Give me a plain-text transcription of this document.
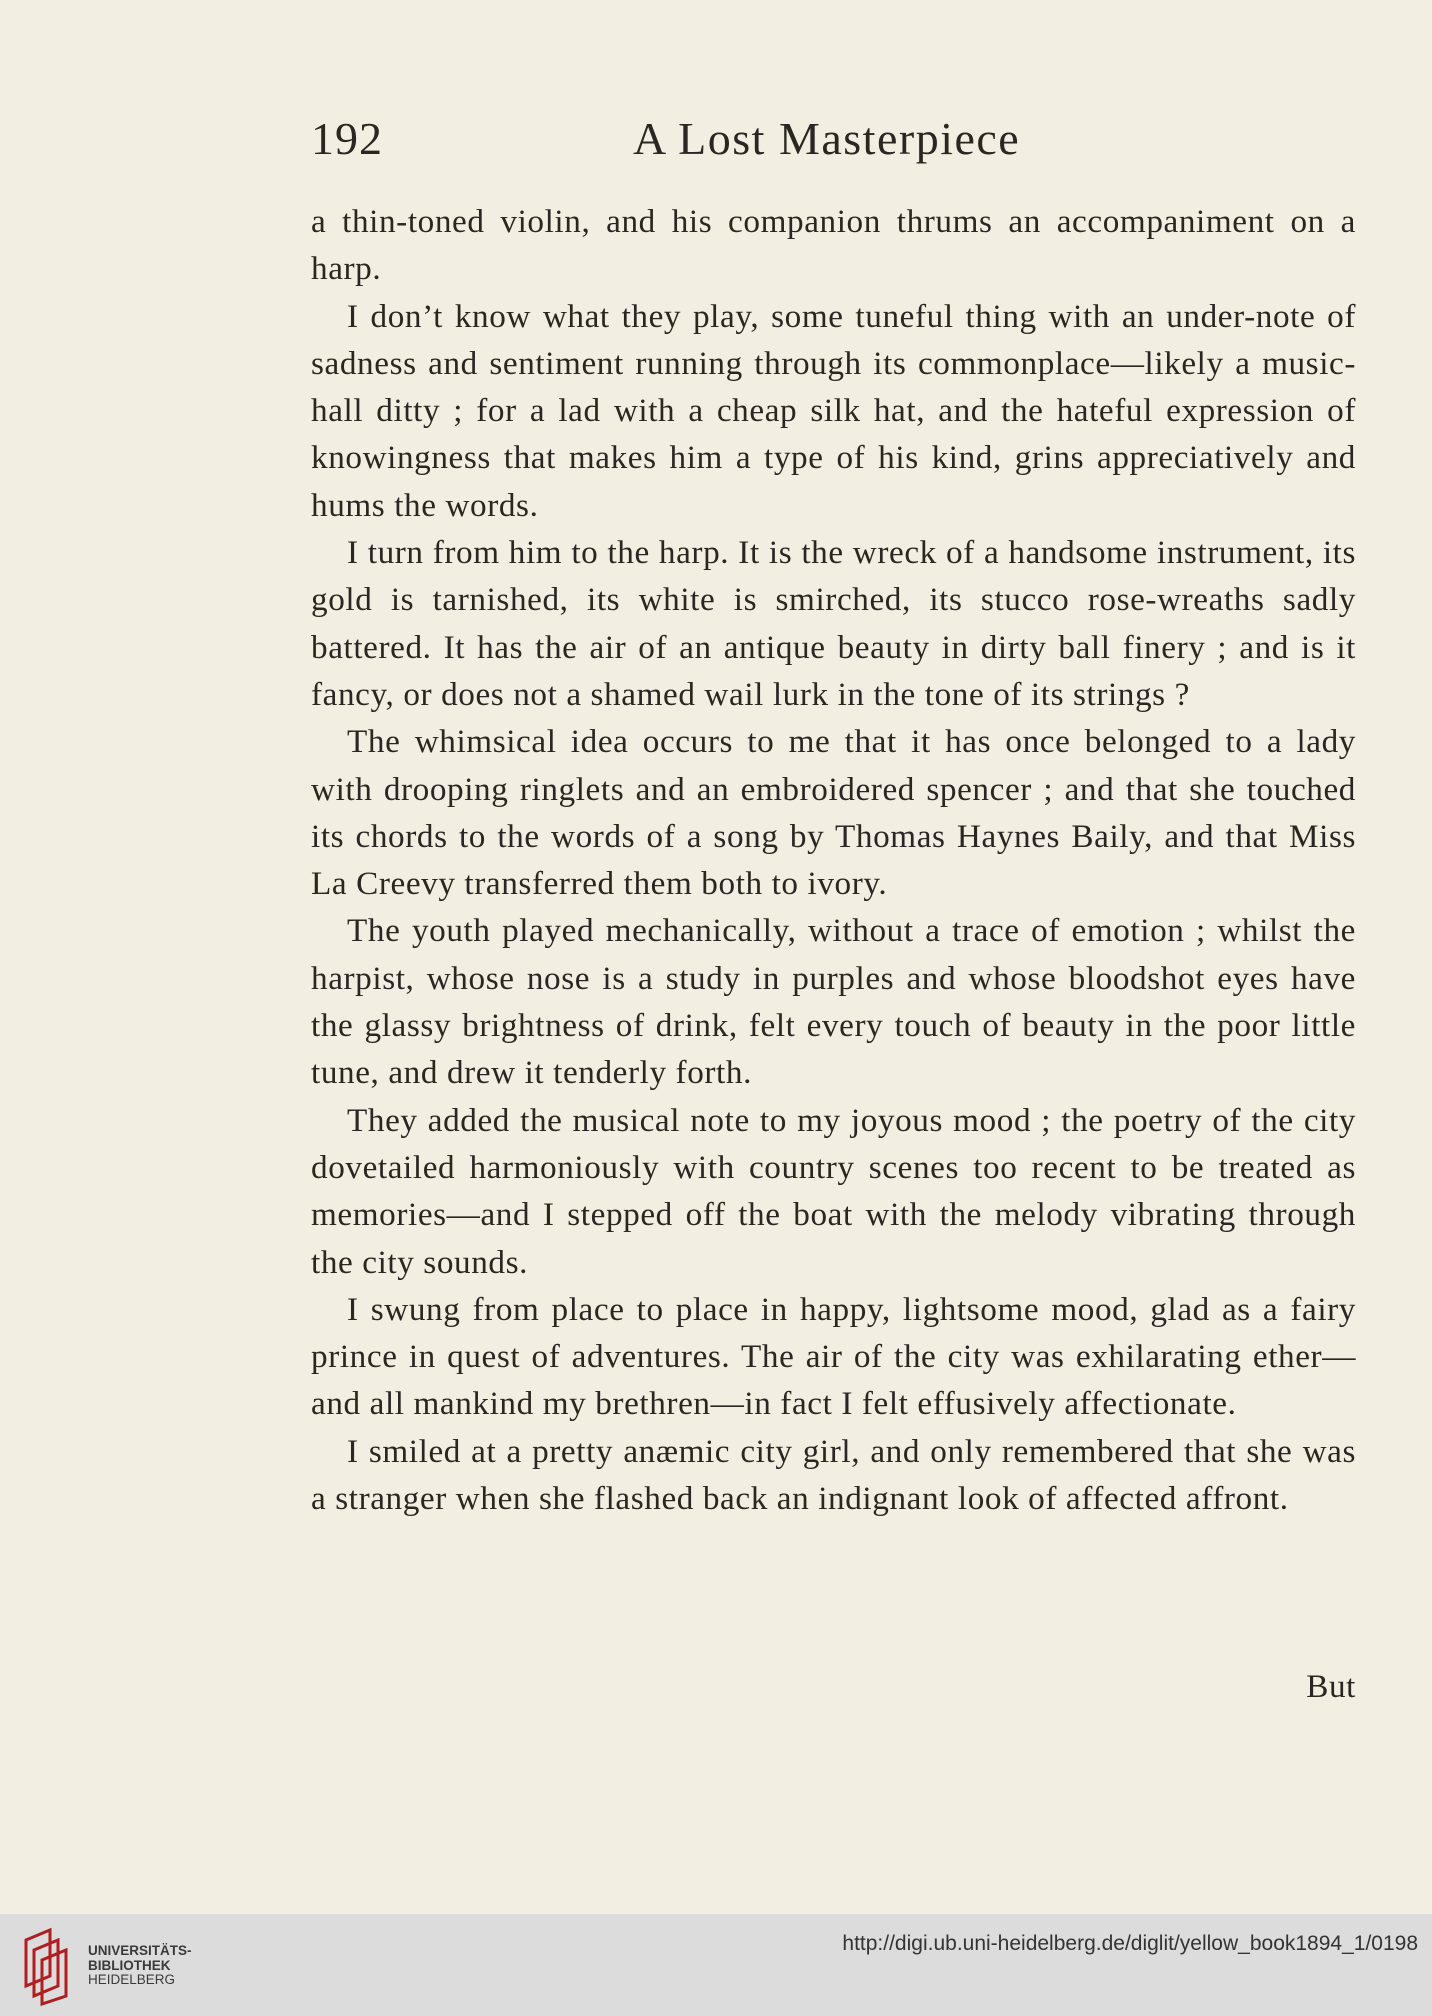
192	A Lost Masterpiece

a thin-toned violin, and his companion thrums an accompaniment on a harp.

I don’t know what they play, some tuneful thing with an under-note of sadness and sentiment running through its commonplace—likely a music-hall ditty ; for a lad with a cheap silk hat, and the hateful expression of knowingness that makes him a type of his kind, grins appreciatively and hums the words.

I turn from him to the harp. It is the wreck of a handsome instrument, its gold is tarnished, its white is smirched, its stucco rose-wreaths sadly battered. It has the air of an antique beauty in dirty ball finery ; and is it fancy, or does not a shamed wail lurk in the tone of its strings ?

The whimsical idea occurs to me that it has once belonged to a lady with drooping ringlets and an embroidered spencer ; and that she touched its chords to the words of a song by Thomas Haynes Baily, and that Miss La Creevy transferred them both to ivory.

The youth played mechanically, without a trace of emotion ; whilst the harpist, whose nose is a study in purples and whose bloodshot eyes have the glassy brightness of drink, felt every touch of beauty in the poor little tune, and drew it tenderly forth.

They added the musical note to my joyous mood ; the poetry of the city dovetailed harmoniously with country scenes too recent to be treated as memories—and I stepped off the boat with the melody vibrating through the city sounds.

I swung from place to place in happy, lightsome mood, glad as a fairy prince in quest of adventures. The air of the city was exhilarating ether—and all mankind my brethren—in fact I felt effusively affectionate.

I smiled at a pretty anæmic city girl, and only remembered that she was a stranger when she flashed back an indignant look of affected affront.

But
UNIVERSITÄTS-
BIBLIOTHEK
HEIDELBERG
http://digi.ub.uni-heidelberg.de/diglit/yellow_book1894_1/0198
